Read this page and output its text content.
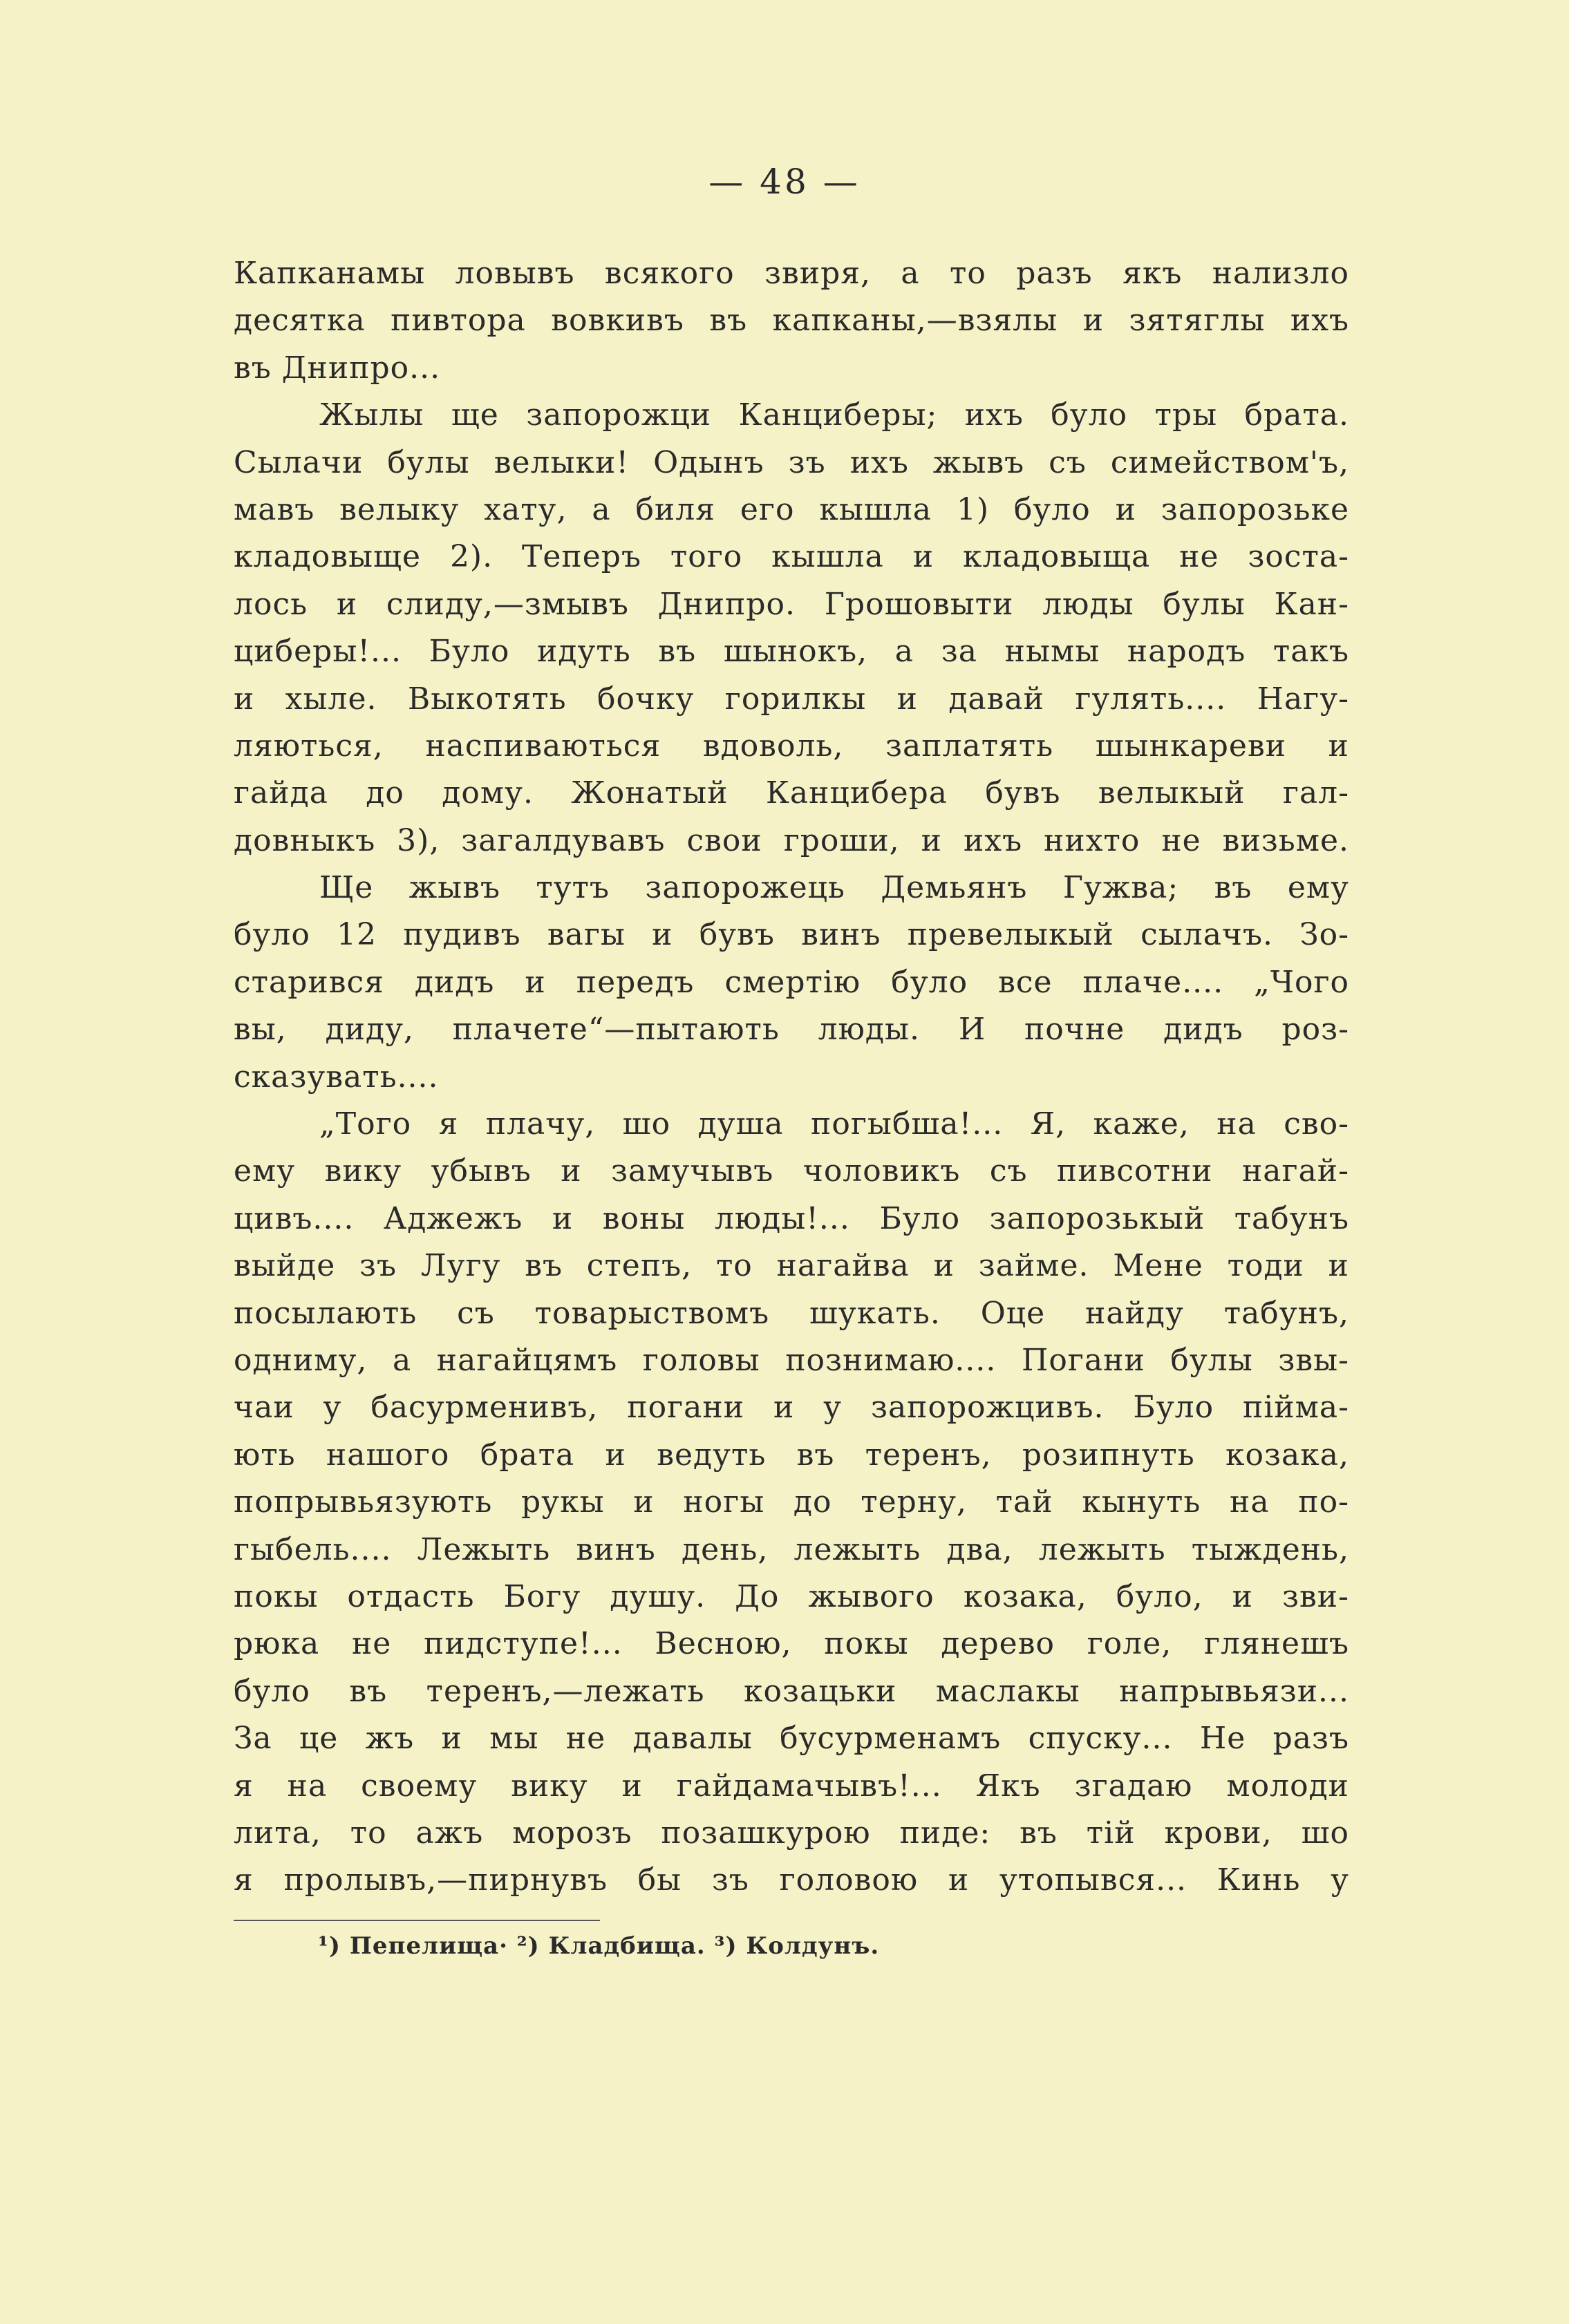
— 48 —
Капканамы ловывъ всякого звиря, а то разъ якъ нализло
десятка пивтора вовкивъ въ капканы,—взялы и зятяглы ихъ
въ Днипро...
Жылы ще запорожци Канциберы; ихъ було тры брата.
Сылачи булы велыки! Одынъ зъ ихъ жывъ съ симейством'ъ,
мавъ велыку хату, а биля его кышла 1) було и запорозьке
кладовыще 2). Теперъ того кышла и кладовыща не зоста-
лось и слиду,—змывъ Днипро. Грошовыти люды булы Кан-
циберы!... Було идуть въ шынокъ, а за нымы народъ такъ
и хыле. Выкотять бочку горилкы и давай гулять.... Нагу-
ляються, наспиваються вдоволь, заплатять шынкареви и
гайда до дому. Жонатый Канцибера бувъ велыкый гал-
довныкъ 3), загалдувавъ свои гроши, и ихъ нихто не визьме.
Ще жывъ тутъ запорожець Демьянъ Гужва; въ ему
було 12 пудивъ вагы и бувъ винъ превелыкый сылачъ. Зо-
старився дидъ и передъ смертію було все плаче.... „Чого
вы, диду, плачете“—пытають люды. И почне дидъ роз-
сказувать....
„Того я плачу, шо душа погыбша!... Я, каже, на сво-
ему вику убывъ и замучывъ чоловикъ съ пивсотни нагай-
цивъ.... Аджежъ и воны люды!... Було запорозькый табунъ
выйде зъ Лугу въ степъ, то нагайва и займе. Мене тоди и
посылають съ товарыствомъ шукать. Оце найду табунъ,
одниму, а нагайцямъ головы познимаю.... Погани булы звы-
чаи у басурменивъ, погани и у запорожцивъ. Було пійма-
ють нашого брата и ведуть въ теренъ, розипнуть козака,
попрывьязують рукы и ногы до терну, тай кынуть на по-
гыбель.... Лежыть винъ день, лежыть два, лежыть тыждень,
покы отдасть Богу душу. До жывого козака, було, и зви-
рюка не пидступе!... Весною, покы дерево голе, глянешъ
було въ теренъ,—лежать козацьки маслакы напрывьязи...
За це жъ и мы не давалы бусурменамъ спуску... Не разъ
я на своему вику и гайдамачывъ!... Якъ згадаю молоди
лита, то ажъ морозъ позашкурою пиде: въ тій крови, шо
я пролывъ,—пирнувъ бы зъ головою и утопывся... Кинь у
¹) Пепелища· ²) Кладбища. ³) Колдунъ.
